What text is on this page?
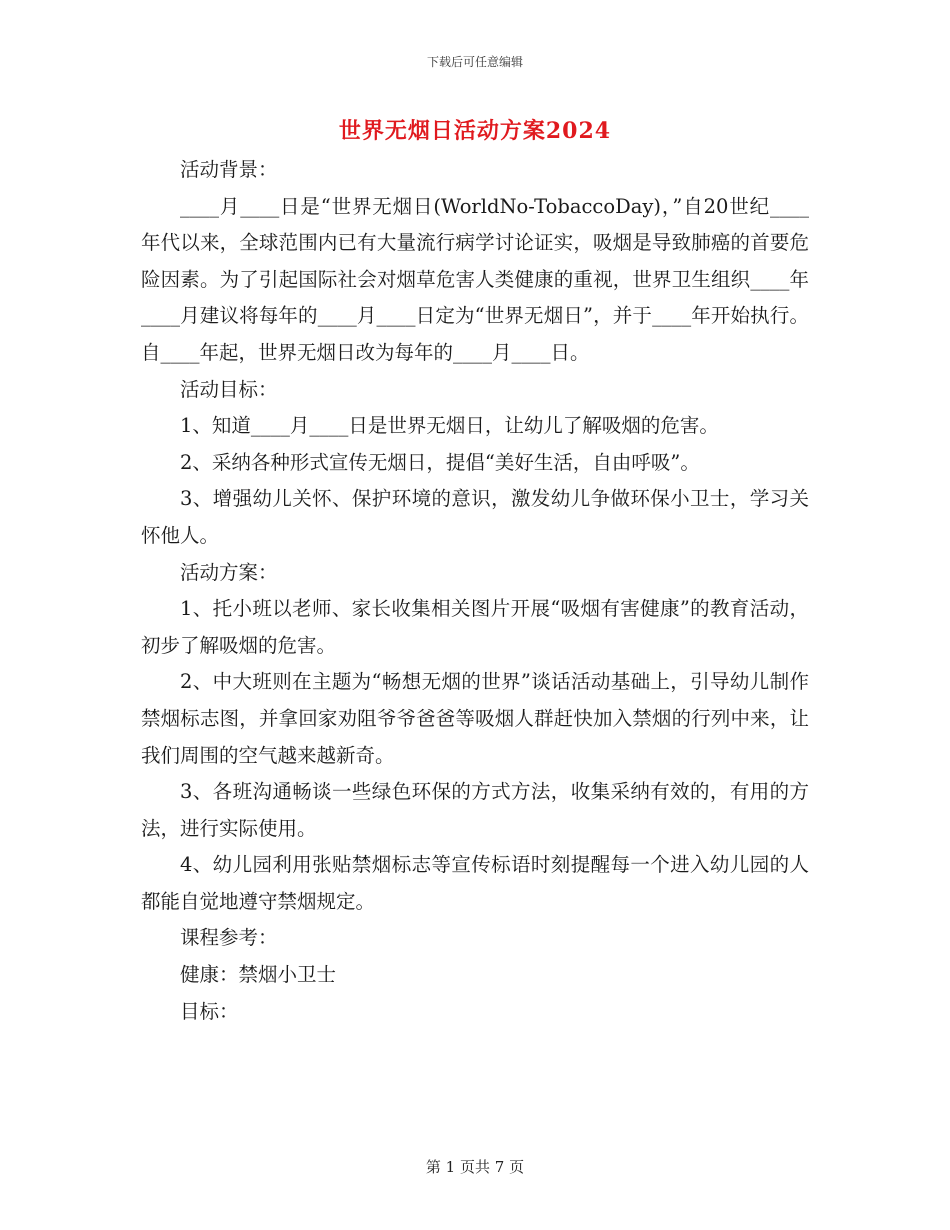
下载后可任意编辑
世界无烟日活动方案2024

活动背景：

____月____日是“世界无烟日(WorldNo-TobaccoDay)，”自20世纪____年代以来，全球范围内已有大量流行病学讨论证实，吸烟是导致肺癌的首要危险因素。为了引起国际社会对烟草危害人类健康的重视，世界卫生组织____年____月建议将每年的____月____日定为“世界无烟日”，并于____年开始执行。自____年起，世界无烟日改为每年的____月____日。

活动目标：

1、知道____月____日是世界无烟日，让幼儿了解吸烟的危害。

2、采纳各种形式宣传无烟日，提倡“美好生活，自由呼吸”。

3、增强幼儿关怀、保护环境的意识，激发幼儿争做环保小卫士，学习关怀他人。

活动方案：

1、托小班以老师、家长收集相关图片开展“吸烟有害健康”的教育活动，初步了解吸烟的危害。

2、中大班则在主题为“畅想无烟的世界”谈话活动基础上，引导幼儿制作禁烟标志图，并拿回家劝阻爷爷爸爸等吸烟人群赶快加入禁烟的行列中来，让我们周围的空气越来越新奇。

3、各班沟通畅谈一些绿色环保的方式方法，收集采纳有效的，有用的方法，进行实际使用。

4、幼儿园利用张贴禁烟标志等宣传标语时刻提醒每一个进入幼儿园的人都能自觉地遵守禁烟规定。

课程参考：

健康：禁烟小卫士

目标：

第 1 页共 7 页
